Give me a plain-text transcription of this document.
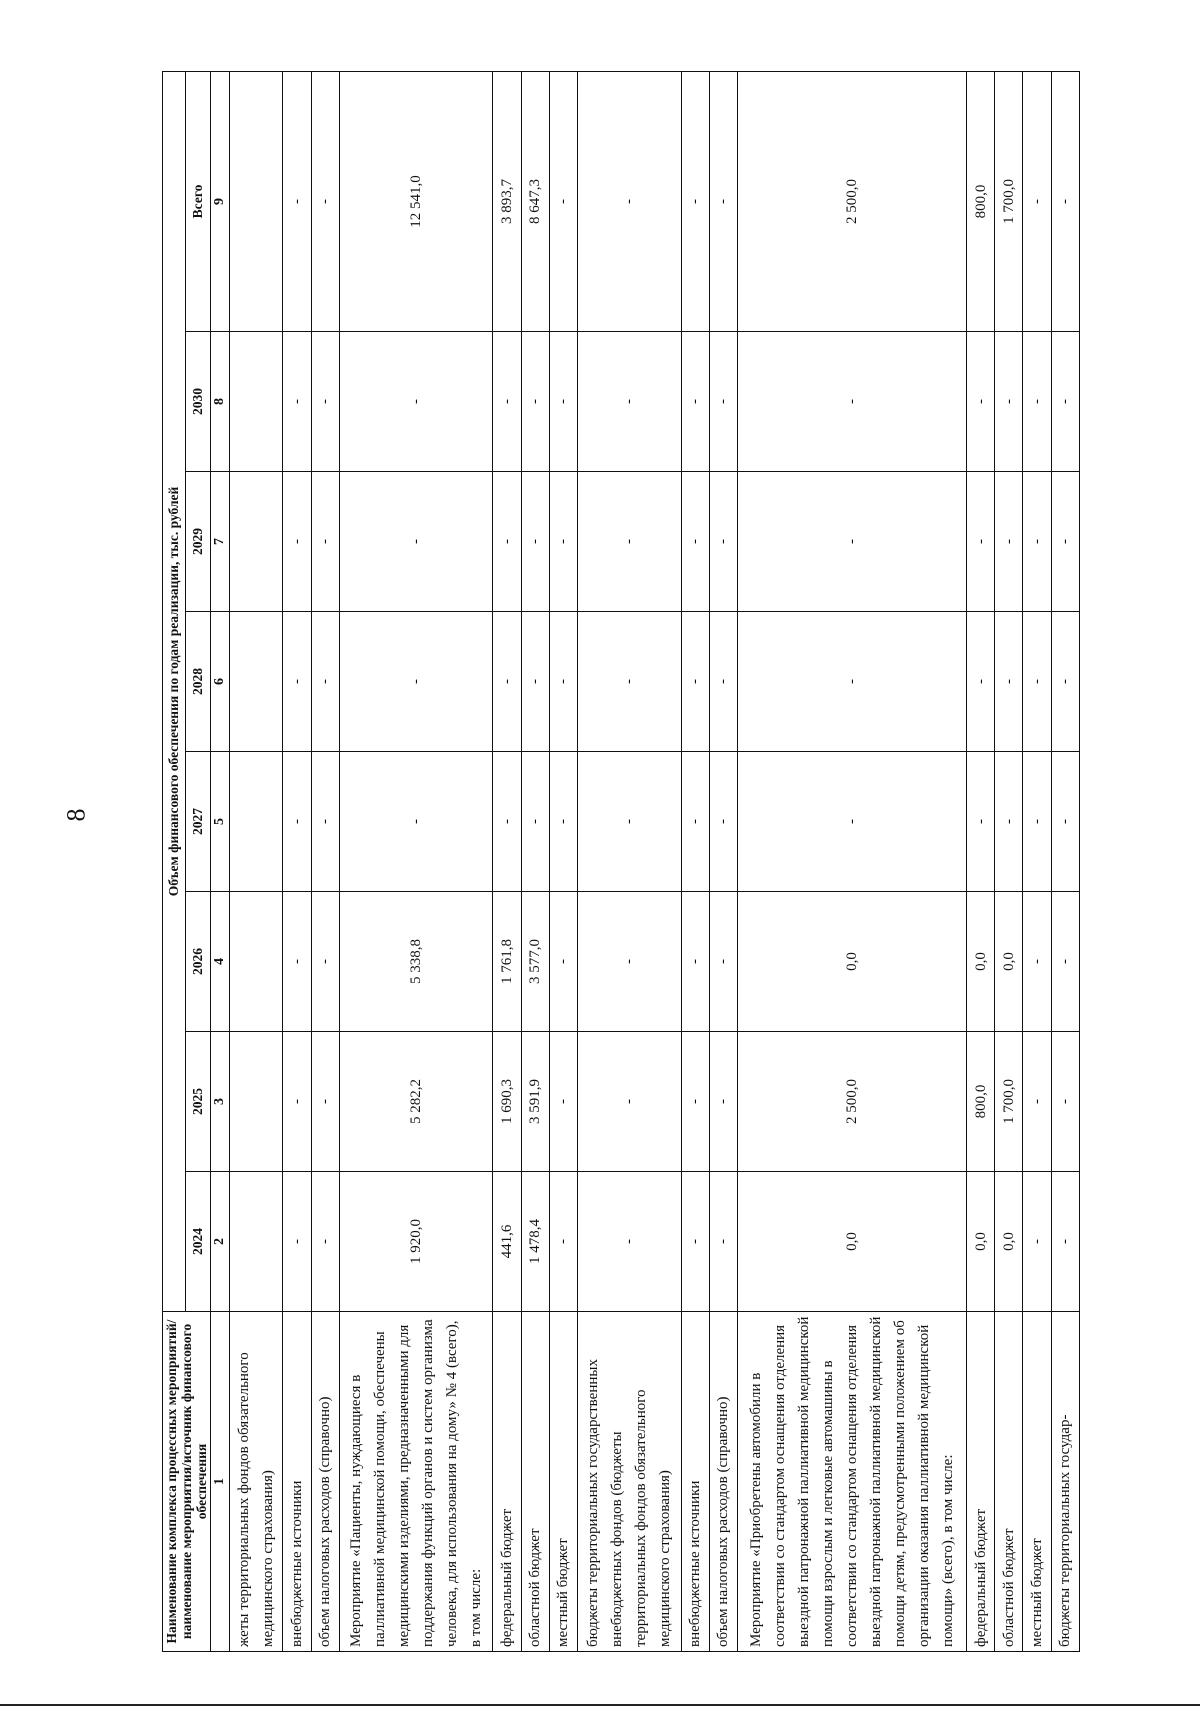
8
Наименование комплекса процессных мероприятий/наименование мероприятия/источник финансового обеспечения	Объем финансового обеспечения по годам реализации, тыс. рублей							
	2024	2025	2026	2027	2028	2029	2030	Всего
1	2	3	4	5	6	7	8	9
жеты территориальных фондов обязательного медицинского страхования)								
внебюджетные источники	-	-	-	-	-	-	-	-
объем налоговых расходов (справочно)	-	-	-	-	-	-	-	-
Мероприятие «Пациенты, нуждающиеся в паллиативной медицинской помощи, обеспечены медицинскими изделиями, предназначенными для поддержания функций органов и систем организма человека, для использования на дому» № 4 (всего), в том числе:	1 920,0	5 282,2	5 338,8	-	-	-	-	12 541,0
федеральный бюджет	441,6	1 690,3	1 761,8	-	-	-	-	3 893,7
областной бюджет	1 478,4	3 591,9	3 577,0	-	-	-	-	8 647,3
местный бюджет	-	-	-	-	-	-	-	-
бюджеты территориальных государственных внебюджетных фондов (бюджеты территориальных фондов обязательного медицинского страхования)	-	-	-	-	-	-	-	-
внебюджетные источники	-	-	-	-	-	-	-	-
объем налоговых расходов (справочно)	-	-	-	-	-	-	-	-
Мероприятие «Приобретены автомобили в соответствии со стандартом оснащения отделения выездной патронажной паллиативной медицинской помощи взрослым и легковые автомашины в соответствии со стандартом оснащения отделения выездной патронажной паллиативной медицинской помощи детям, предусмотренными положением об организации оказания паллиативной медицинской помощи» (всего), в том числе:	0,0	2 500,0	0,0	-	-	-	-	2 500,0
федеральный бюджет	0,0	800,0	0,0	-	-	-	-	800,0
областной бюджет	0,0	1 700,0	0,0	-	-	-	-	1 700,0
местный бюджет	-	-	-	-	-	-	-	-
бюджеты территориальных государ-	-	-	-	-	-	-	-	-
